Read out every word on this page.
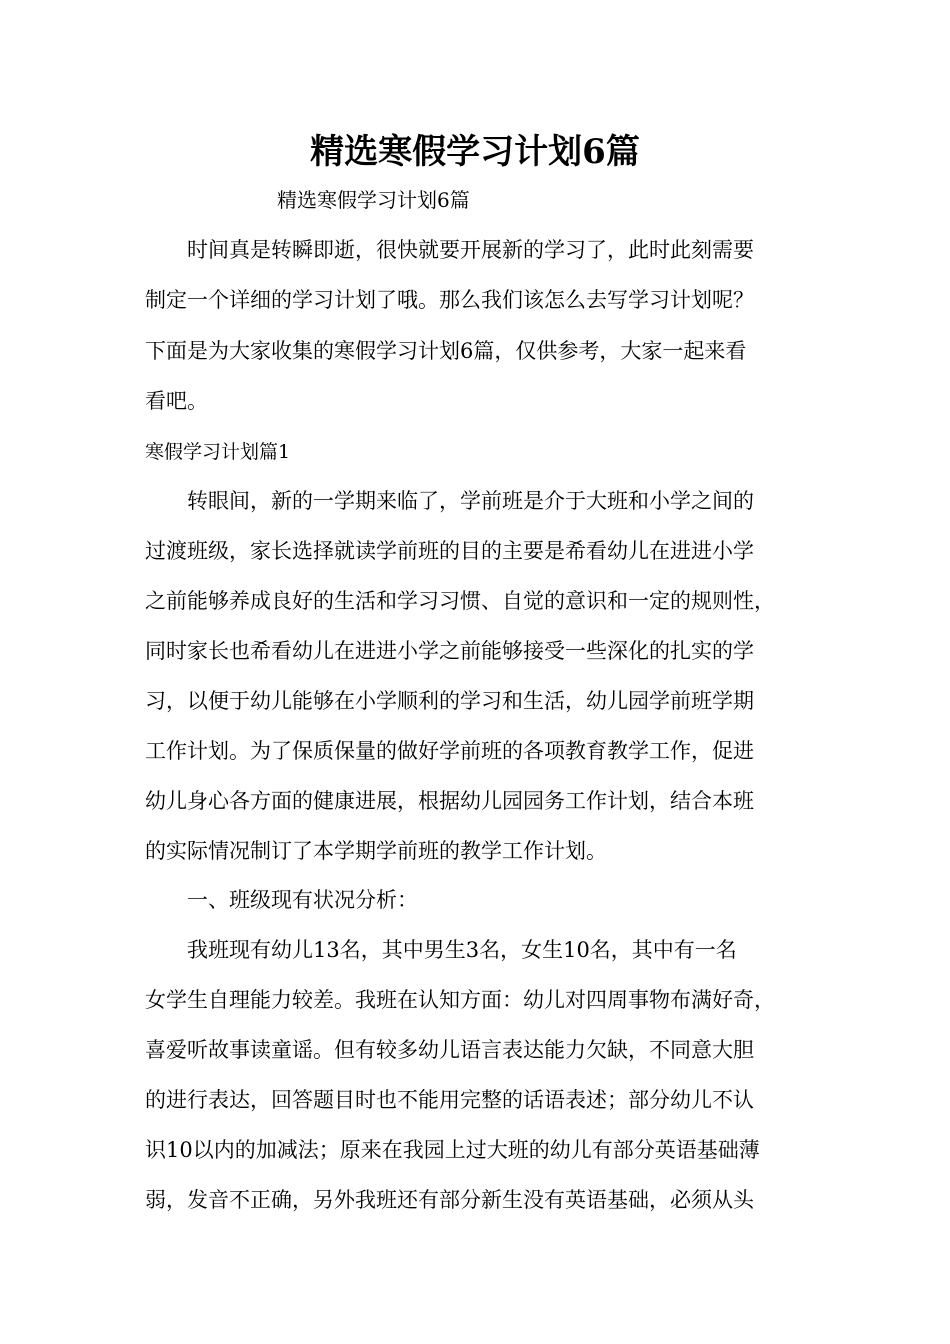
精选寒假学习计划6篇
精选寒假学习计划6篇
　　时间真是转瞬即逝，很快就要开展新的学习了，此时此刻需要
制定一个详细的学习计划了哦。那么我们该怎么去写学习计划呢？
下面是为大家收集的寒假学习计划6篇，仅供参考，大家一起来看
看吧。
寒假学习计划篇1
　　转眼间，新的一学期来临了，学前班是介于大班和小学之间的
过渡班级，家长选择就读学前班的目的主要是希看幼儿在进进小学
之前能够养成良好的生活和学习习惯、自觉的意识和一定的规则性，
同时家长也希看幼儿在进进小学之前能够接受一些深化的扎实的学
习，以便于幼儿能够在小学顺利的学习和生活，幼儿园学前班学期
工作计划。为了保质保量的做好学前班的各项教育教学工作，促进
幼儿身心各方面的健康进展，根据幼儿园园务工作计划，结合本班
的实际情况制订了本学期学前班的教学工作计划。
　　一、班级现有状况分析：
　　我班现有幼儿13名，其中男生3名，女生10名，其中有一名
女学生自理能力较差。我班在认知方面：幼儿对四周事物布满好奇，
喜爱听故事读童谣。但有较多幼儿语言表达能力欠缺，不同意大胆
的进行表达，回答题目时也不能用完整的话语表述；部分幼儿不认
识10以内的加减法；原来在我园上过大班的幼儿有部分英语基础薄
弱，发音不正确，另外我班还有部分新生没有英语基础，必须从头
